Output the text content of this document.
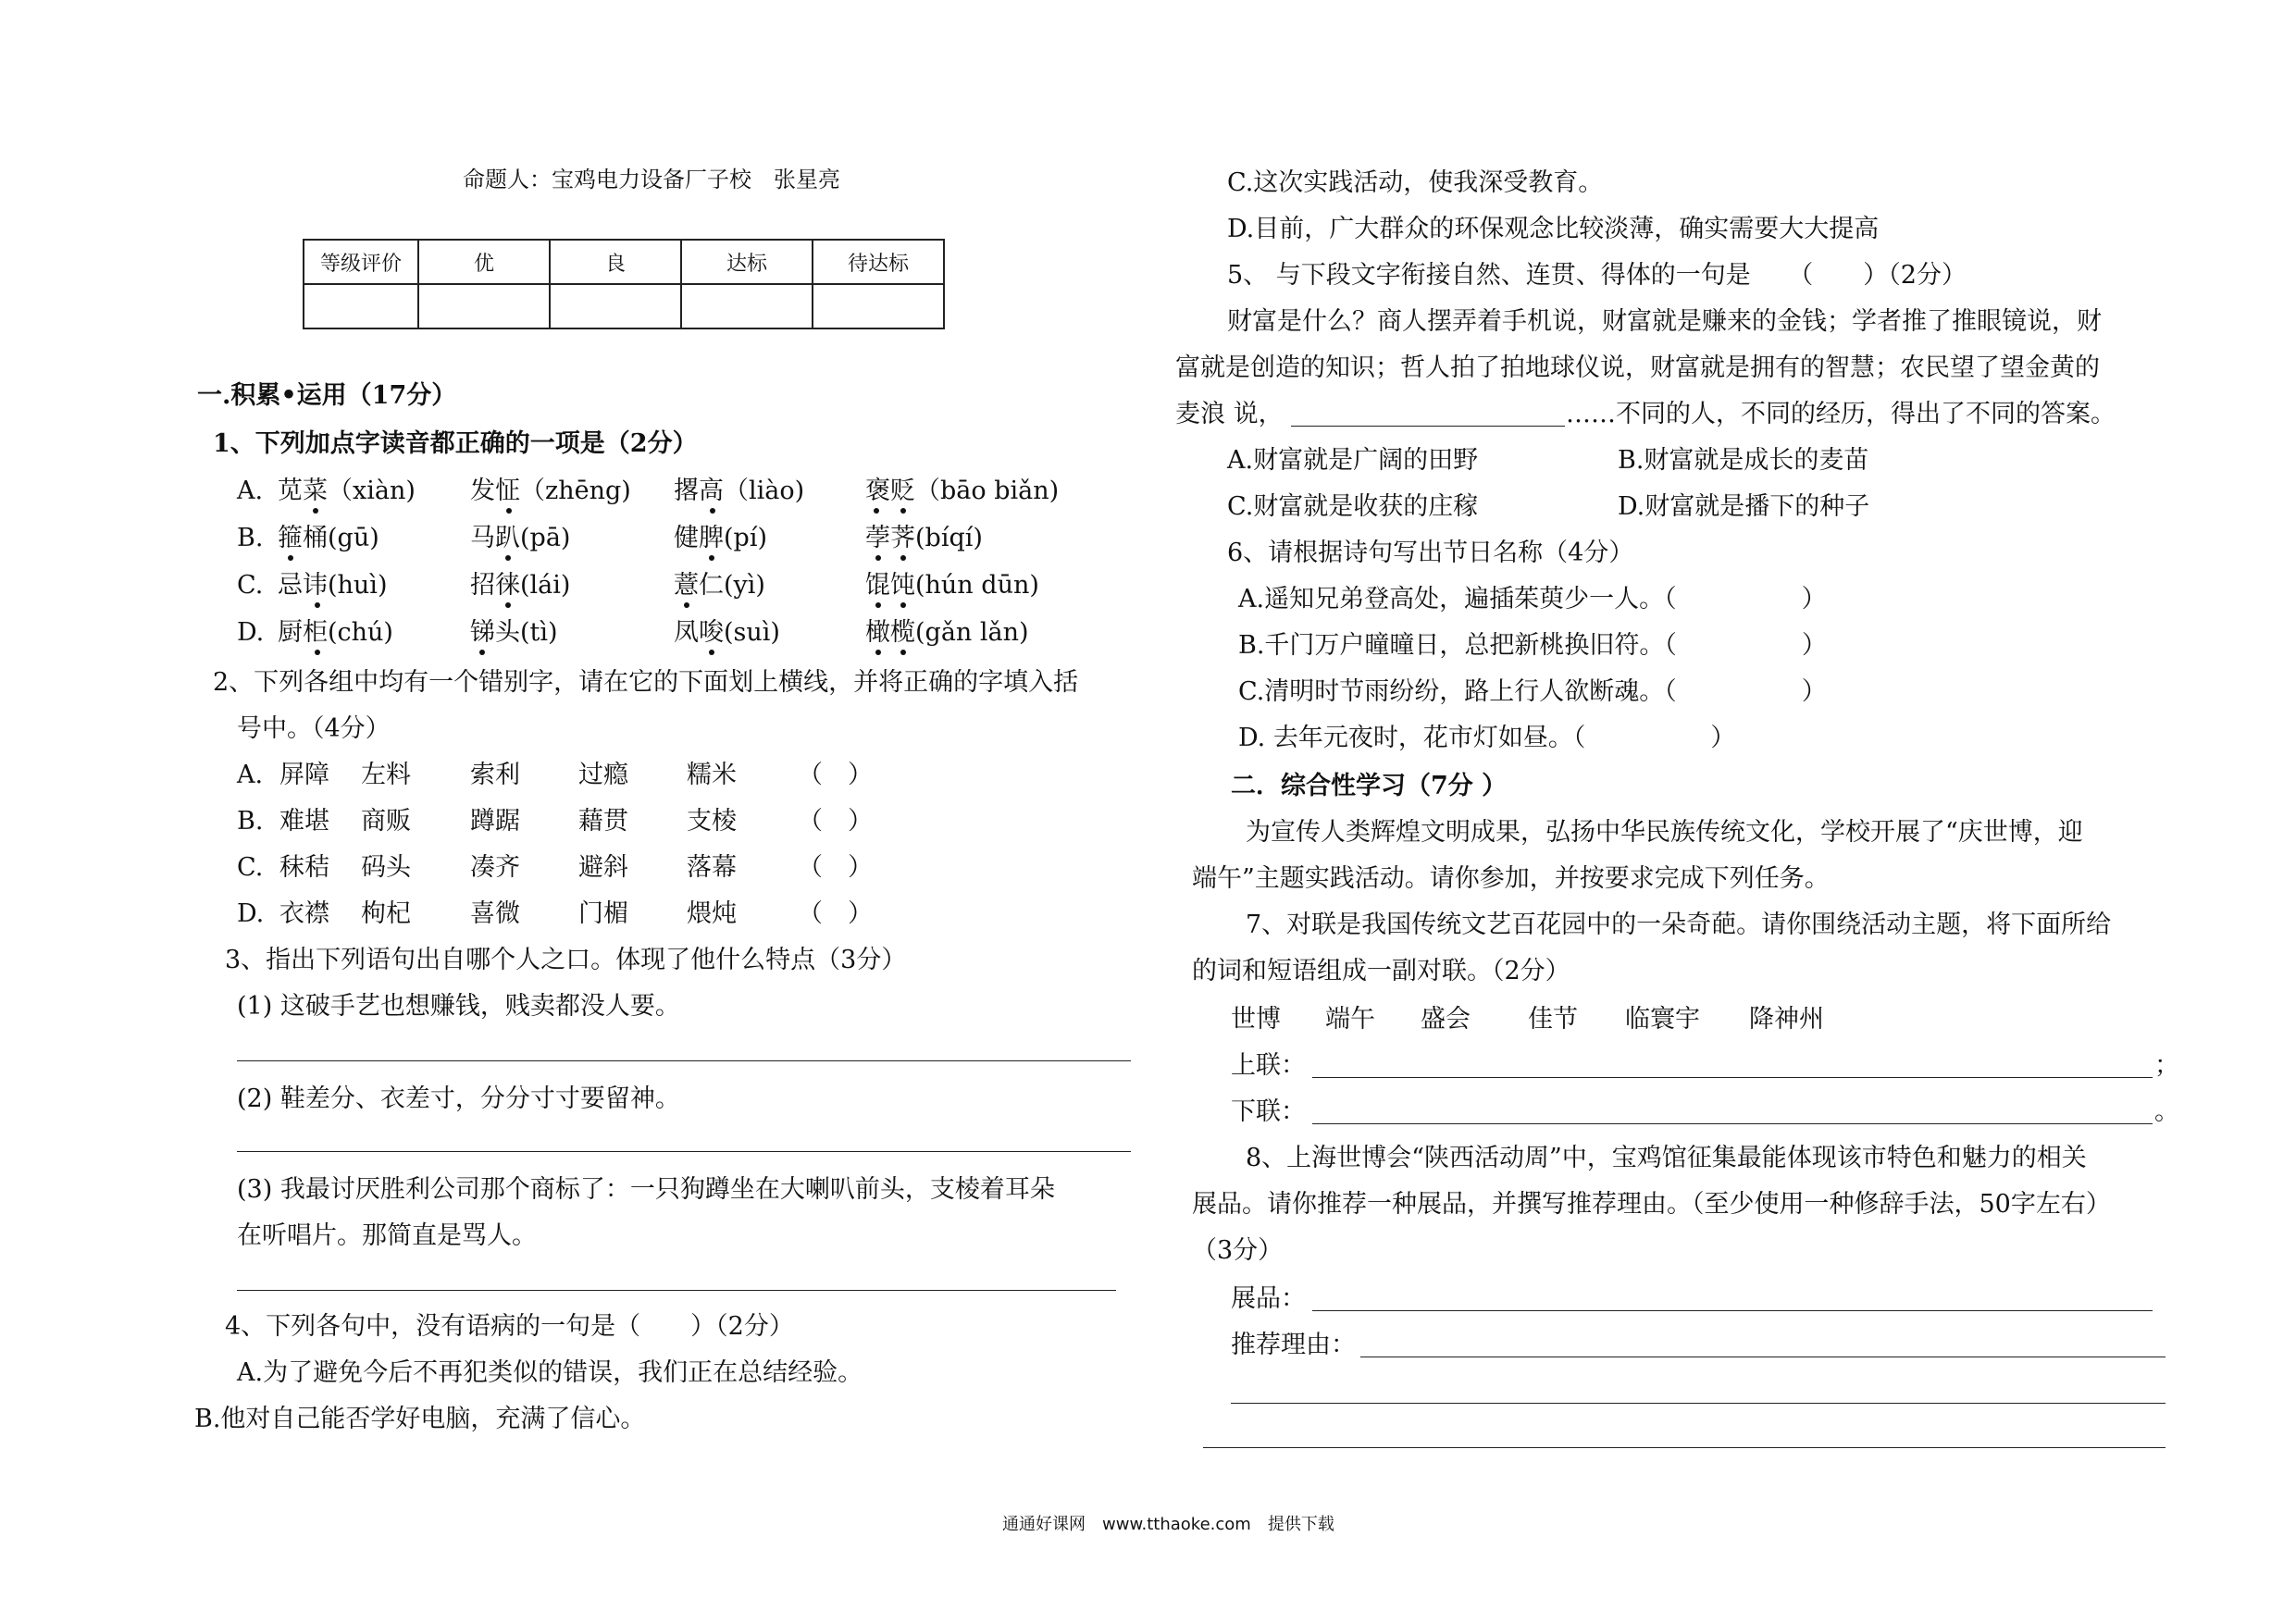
命题人：宝鸡电力设备厂子校　张星亮
等级评价	优	良	达标	待达标

一.积累•运用（17分）
1、下列加点字读音都正确的一项是（2分）
A. 苋菜（xiàn) 发怔（zhēng) 撂高（liào) 褒贬（bāo biǎn)
B. 箍桶(gū)	马趴(pā)	健脾(pí)	荸荠(bíqí)
C. 忌讳(huì)	招徕(lái)	薏仁(yì)	馄饨(hún dūn)
D. 厨柜(chú)	锑头(tì)	凤唆(suì)	橄榄(gǎn lǎn)
2、下列各组中均有一个错别字，请在它的下面划上横线，并将正确的字填入括
号中。（4分）
A. 屏障 左料 索利 过瘾 糯米 （　）
B. 难堪 商贩 蹲踞 藉贯 支棱 （　）
C. 秣秸 码头 凑齐 避斜 落幕 （　）
D. 衣襟 枸杞 喜微 门楣 煨炖 （　）
3、指出下列语句出自哪个人之口。体现了他什么特点（3分）
(1) 这破手艺也想赚钱，贱卖都没人要。
(2) 鞋差分、衣差寸，分分寸寸要留神。
(3) 我最讨厌胜利公司那个商标了：一只狗蹲坐在大喇叭前头，支棱着耳朵
在听唱片。那简直是骂人。
4、下列各句中，没有语病的一句是（　　）（2分）
A.为了避免今后不再犯类似的错误，我们正在总结经验。
B.他对自己能否学好电脑，充满了信心。
C.这次实践活动，使我深受教育。
D.目前，广大群众的环保观念比较淡薄，确实需要大大提高
5、 与下段文字衔接自然、连贯、得体的一句是　　（　　）（2分）
财富是什么？商人摆弄着手机说，财富就是赚来的金钱；学者推了推眼镜说，财
富就是创造的知识；哲人拍了拍地球仪说，财富就是拥有的智慧；农民望了望金黄的
麦浪 说，	……不同的人，不同的经历，得出了不同的答案。
A.财富就是广阔的田野	B.财富就是成长的麦苗
C.财富就是收获的庄稼	D.财富就是播下的种子
6、请根据诗句写出节日名称（4分）
A.遥知兄弟登高处，遍插茱萸少一人。（　　　　　）
B.千门万户曈曈日，总把新桃换旧符。（　　　　　）
C.清明时节雨纷纷，路上行人欲断魂。（　　　　　）
D. 去年元夜时，花市灯如昼。（　　　　　）
二．综合性学习（7分 ）
为宣传人类辉煌文明成果，弘扬中华民族传统文化，学校开展了“庆世博，迎
端午”主题实践活动。请你参加，并按要求完成下列任务。
7、对联是我国传统文艺百花园中的一朵奇葩。请你围绕活动主题，将下面所给
的词和短语组成一副对联。（2分）
世博 端午 盛会 佳节 临寰宇 降神州
上联：	；
下联：	。
8、上海世博会“陕西活动周”中，宝鸡馆征集最能体现该市特色和魅力的相关
展品。请你推荐一种展品，并撰写推荐理由。（至少使用一种修辞手法，50字左右）
（3分）
展品：
推荐理由：
通通好课网　www.tthaoke.com　提供下载
